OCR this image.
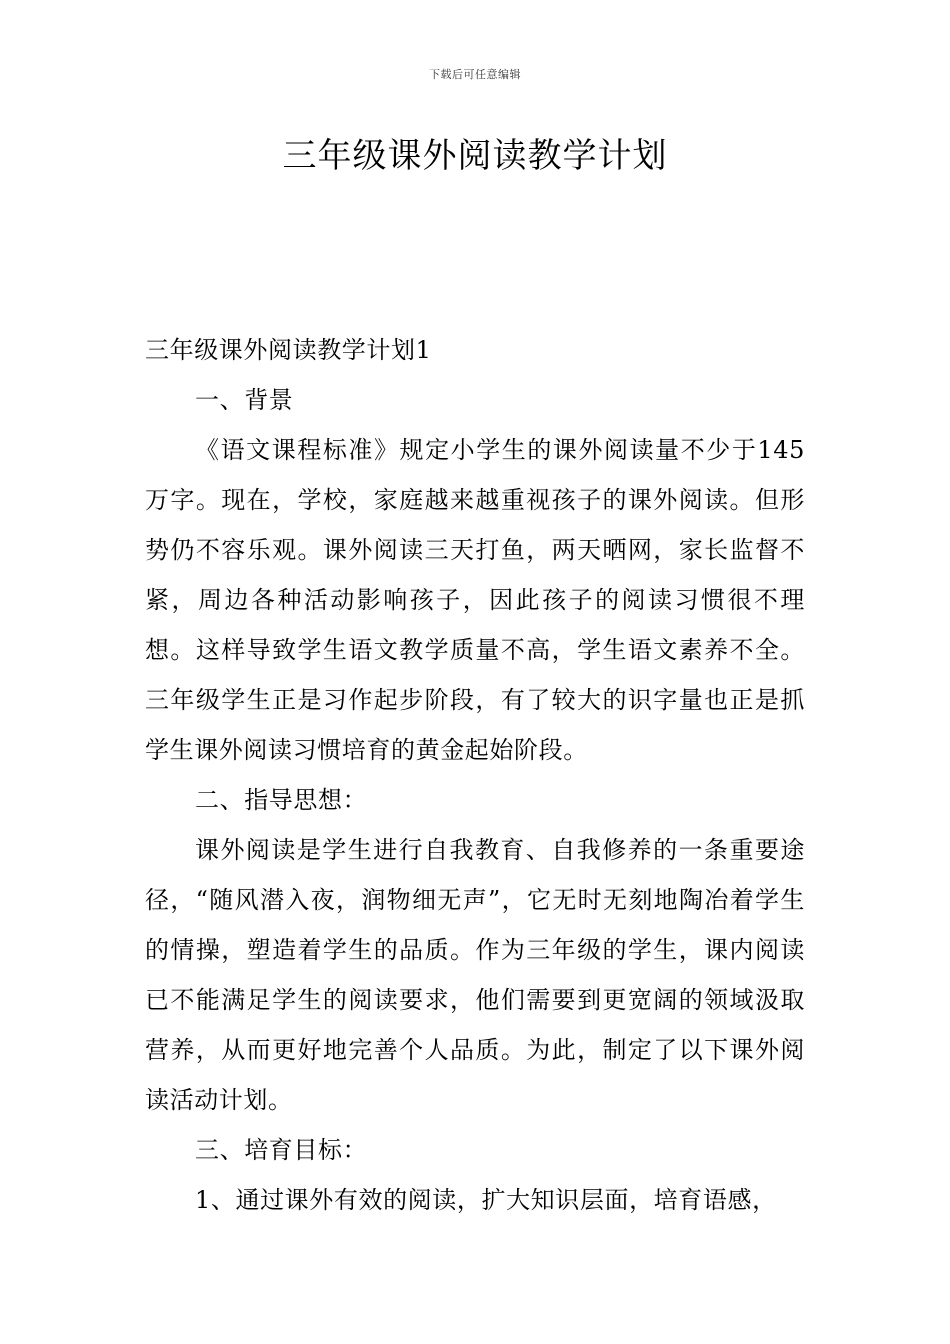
下载后可任意编辑
三年级课外阅读教学计划

三年级课外阅读教学计划1

一、背景

《语文课程标准》规定小学生的课外阅读量不少于145万字。现在，学校，家庭越来越重视孩子的课外阅读。但形势仍不容乐观。课外阅读三天打鱼，两天晒网，家长监督不紧，周边各种活动影响孩子，因此孩子的阅读习惯很不理想。这样导致学生语文教学质量不高，学生语文素养不全。三年级学生正是习作起步阶段，有了较大的识字量也正是抓学生课外阅读习惯培育的黄金起始阶段。

二、指导思想：

课外阅读是学生进行自我教育、自我修养的一条重要途径，“随风潜入夜，润物细无声”，它无时无刻地陶冶着学生的情操，塑造着学生的品质。作为三年级的学生，课内阅读已不能满足学生的阅读要求，他们需要到更宽阔的领域汲取营养，从而更好地完善个人品质。为此，制定了以下课外阅读活动计划。

三、培育目标：

1、通过课外有效的阅读，扩大知识层面，培育语感，
